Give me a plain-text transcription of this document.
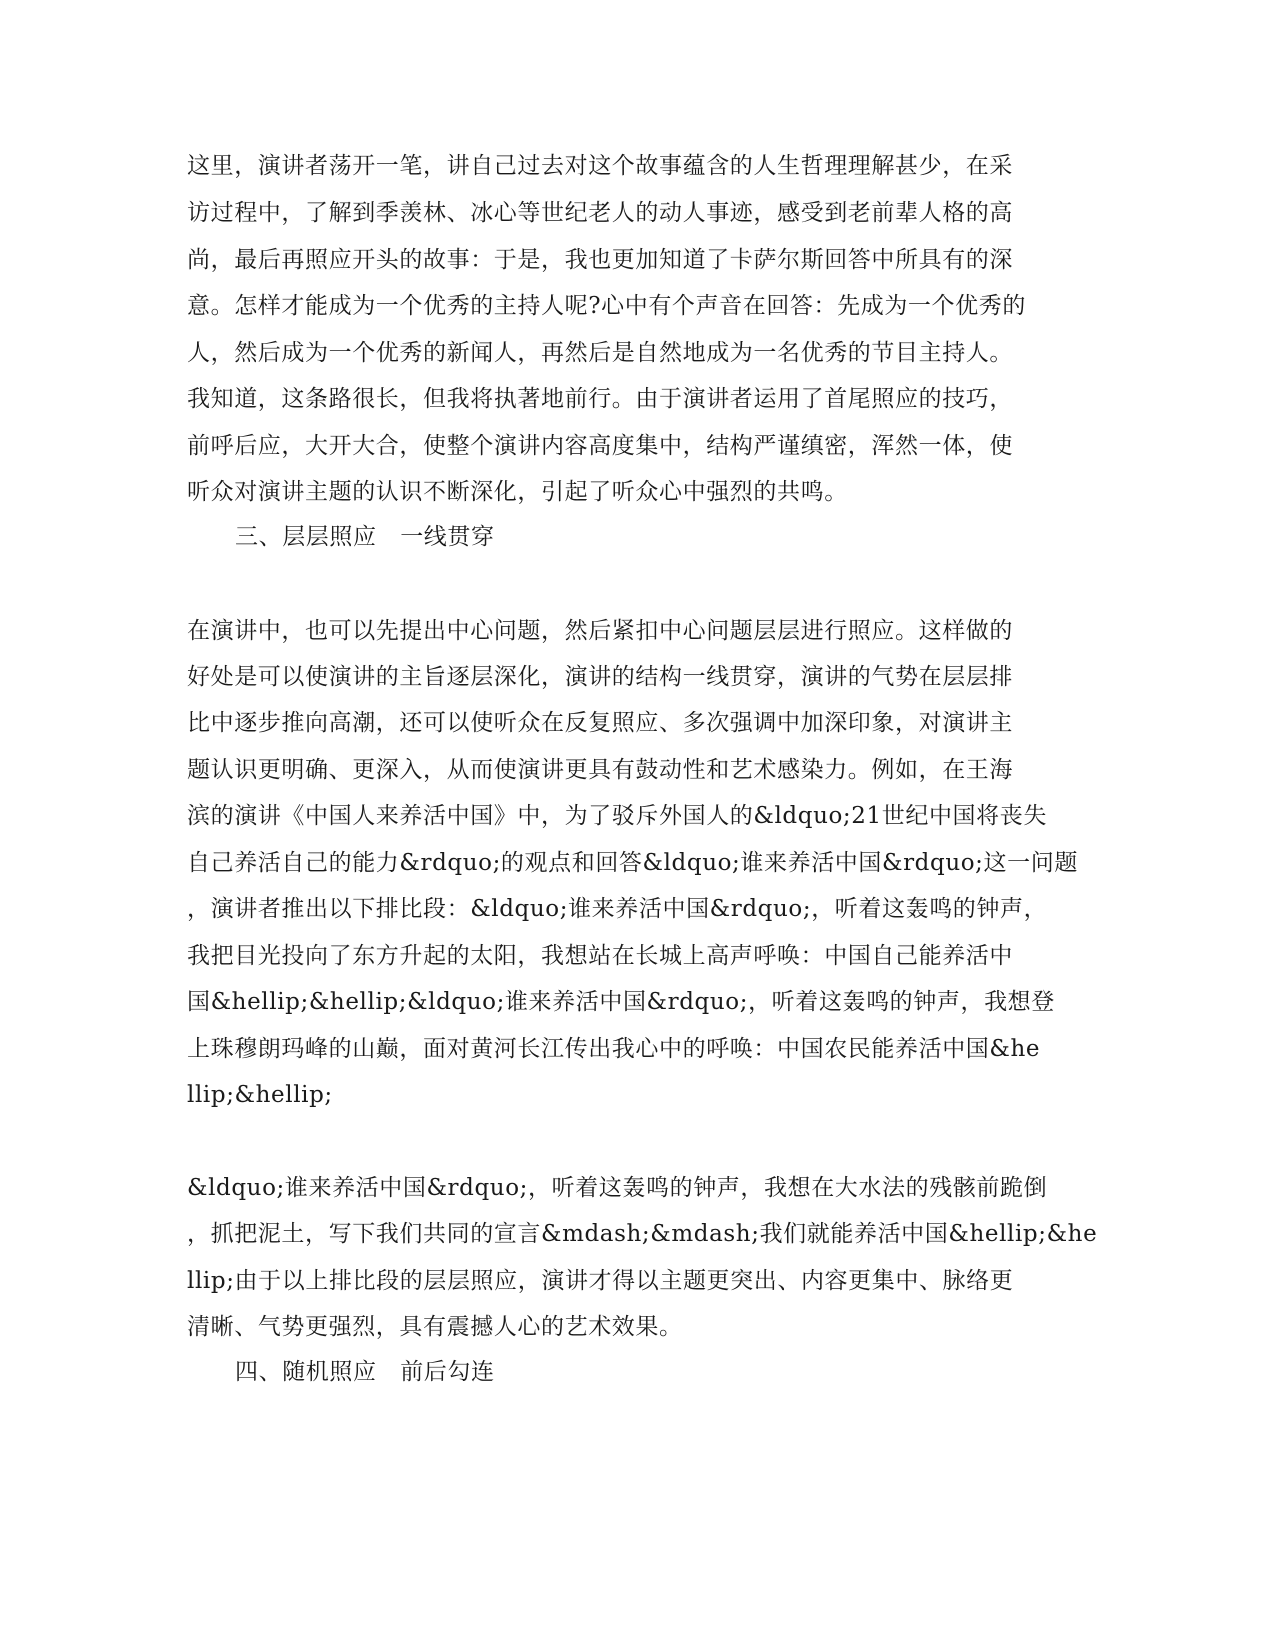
这里，演讲者荡开一笔，讲自己过去对这个故事蕴含的人生哲理理解甚少，在采
访过程中，了解到季羡林、冰心等世纪老人的动人事迹，感受到老前辈人格的高
尚，最后再照应开头的故事：于是，我也更加知道了卡萨尔斯回答中所具有的深
意。怎样才能成为一个优秀的主持人呢?心中有个声音在回答：先成为一个优秀的
人，然后成为一个优秀的新闻人，再然后是自然地成为一名优秀的节目主持人。
我知道，这条路很长，但我将执著地前行。由于演讲者运用了首尾照应的技巧，
前呼后应，大开大合，使整个演讲内容高度集中，结构严谨缜密，浑然一体，使
听众对演讲主题的认识不断深化，引起了听众心中强烈的共鸣。
三、层层照应　一线贯穿
在演讲中，也可以先提出中心问题，然后紧扣中心问题层层进行照应。这样做的
好处是可以使演讲的主旨逐层深化，演讲的结构一线贯穿，演讲的气势在层层排
比中逐步推向高潮，还可以使听众在反复照应、多次强调中加深印象，对演讲主
题认识更明确、更深入，从而使演讲更具有鼓动性和艺术感染力。例如，在王海
滨的演讲《中国人来养活中国》中，为了驳斥外国人的&ldquo;21世纪中国将丧失
自己养活自己的能力&rdquo;的观点和回答&ldquo;谁来养活中国&rdquo;这一问题
，演讲者推出以下排比段：&ldquo;谁来养活中国&rdquo;，听着这轰鸣的钟声，
我把目光投向了东方升起的太阳，我想站在长城上高声呼唤：中国自己能养活中
国&hellip;&hellip;&ldquo;谁来养活中国&rdquo;，听着这轰鸣的钟声，我想登
上珠穆朗玛峰的山巅，面对黄河长江传出我心中的呼唤：中国农民能养活中国&he
llip;&hellip;
&ldquo;谁来养活中国&rdquo;，听着这轰鸣的钟声，我想在大水法的残骸前跪倒
，抓把泥土，写下我们共同的宣言&mdash;&mdash;我们就能养活中国&hellip;&he
llip;由于以上排比段的层层照应，演讲才得以主题更突出、内容更集中、脉络更
清晰、气势更强烈，具有震撼人心的艺术效果。
四、随机照应　前后勾连
